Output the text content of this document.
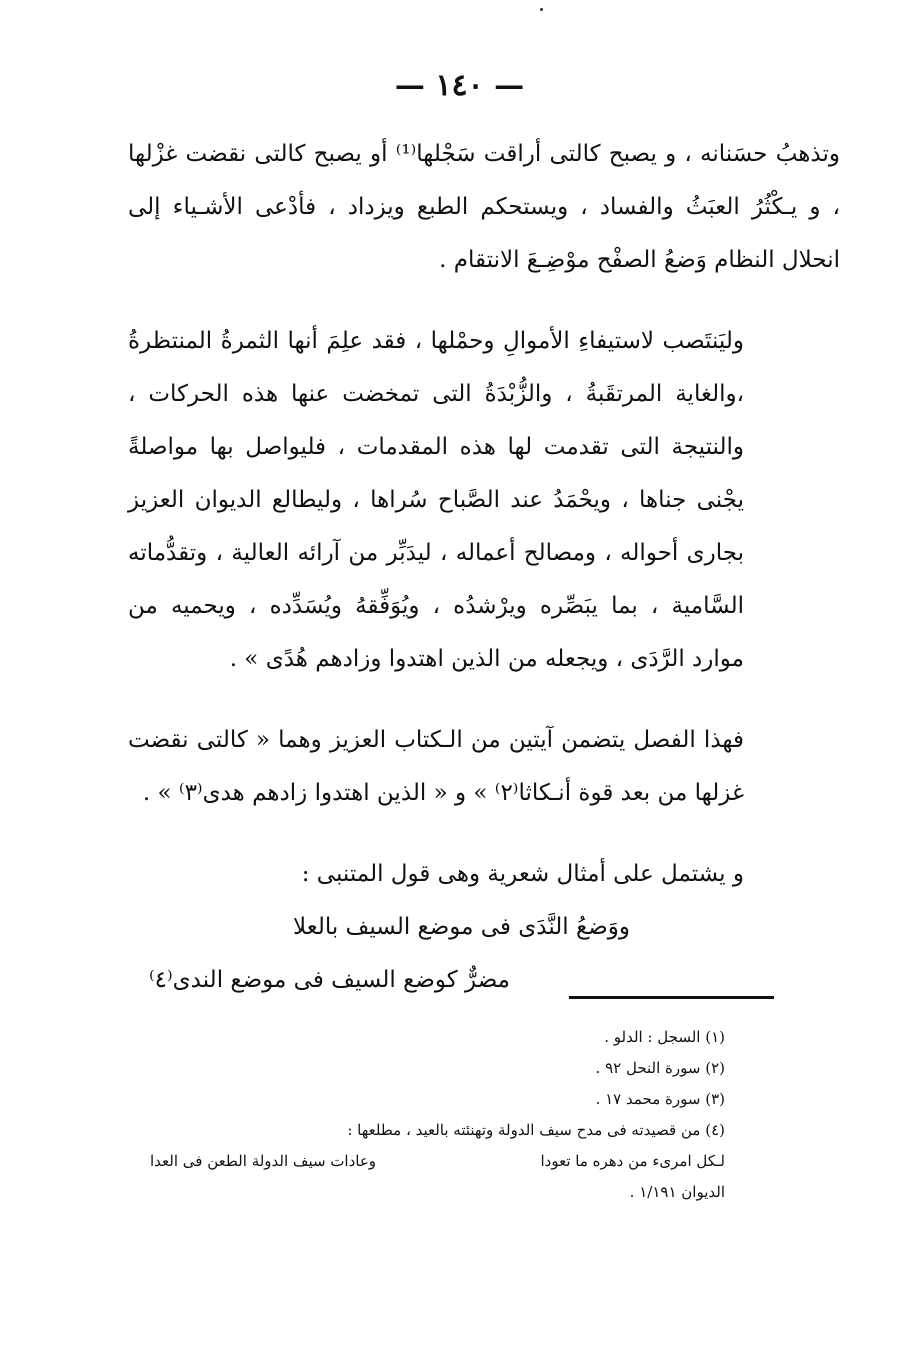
— ١٤٠ —

وتذهبُ حسَنانه ، و يصبح كالتى أراقت سَجْلها⁽¹⁾ أو يصبح كالتى نقضت غزْلها ، و يـكْثُرُ العبَثُ والفساد ، ويستحكم الطبع ويزداد ، فأدْعى الأشـياء إلى انحلال النظام وَضعُ الصفْح موْضِـعَ الانتقام .

وليَنتَصب لاستيفاءِ الأموالِ وحمْلها ، فقد علِمَ أنها الثمرةُ المنتظرةُ ،والغاية المرتقَبةُ ، والزُّبْدَةُ التى تمخضت عنها هذه الحركات ، والنتيجة التى تقدمت لها هذه المقدمات ، فليواصل بها مواصلةً يجْنى جناها ، ويحْمَدُ عند الصَّباح سُراها ، وليطالع الديوان العزيز بجارى أحواله ، ومصالح أعماله ، ليدَبِّر من آرائه العالية ، وتقدُّماته السَّامية ، بما يبَصِّره ويرْشدُه ، ويُوَفِّقهُ ويُسَدِّده ، ويحميه من موارد الرَّدَى ، ويجعله من الذين اهتدوا وزادهم هُدًى » .

فهذا الفصل يتضمن آيتين من الـكتاب العزيز وهما « كالتى نقضت غزلها من بعد قوة أنـكاثا⁽٢⁾ » و « الذين اهتدوا زادهم هدى⁽٣⁾ » .

و يشتمل على أمثال شعرية وهى قول المتنبى :

ووَضعُ النَّدَى فى موضع السيف بالعلا

مضرٌّ كوضع السيف فى موضع الندى⁽٤⁾

(١) السجل : الدلو .

(٢) سورة النحل ٩٢ .

(٣) سورة محمد ١٧ .

(٤) من قصيدته فى مدح سيف الدولة وتهنئته بالعيد ، مطلعها :

لـكل امرىء من دهره ما تعودا
وعادات سيف الدولة الطعن فى العدا

الديوان ١/١٩١ .
